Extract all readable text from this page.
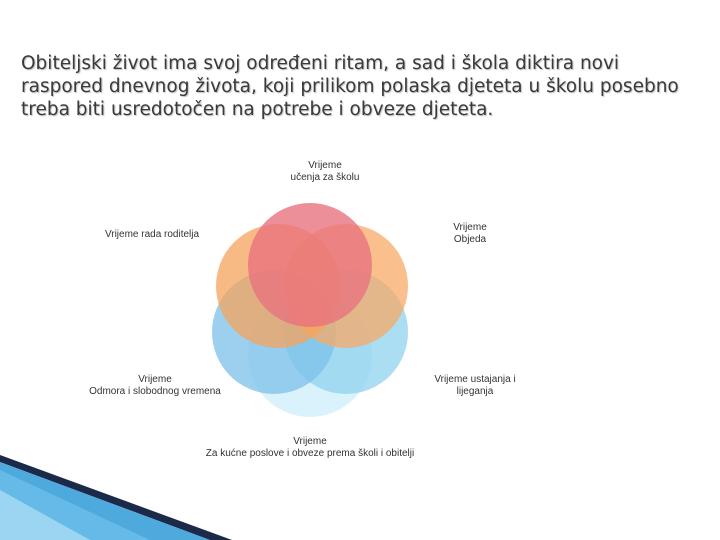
Obiteljski život ima svoj određeni ritam, a sad i škola diktira novi raspored dnevnog života, koji prilikom polaska djeteta u školu posebno treba biti usredotočen na potrebe i obveze djeteta.

Vrijeme
učenja za školu
Vrijeme
Objeda
Vrijeme ustajanja i
lijeganja
Vrijeme
Za kućne poslove i obveze prema školi i obitelji
Vrijeme
Odmora i slobodnog vremena
Vrijeme rada roditelja
